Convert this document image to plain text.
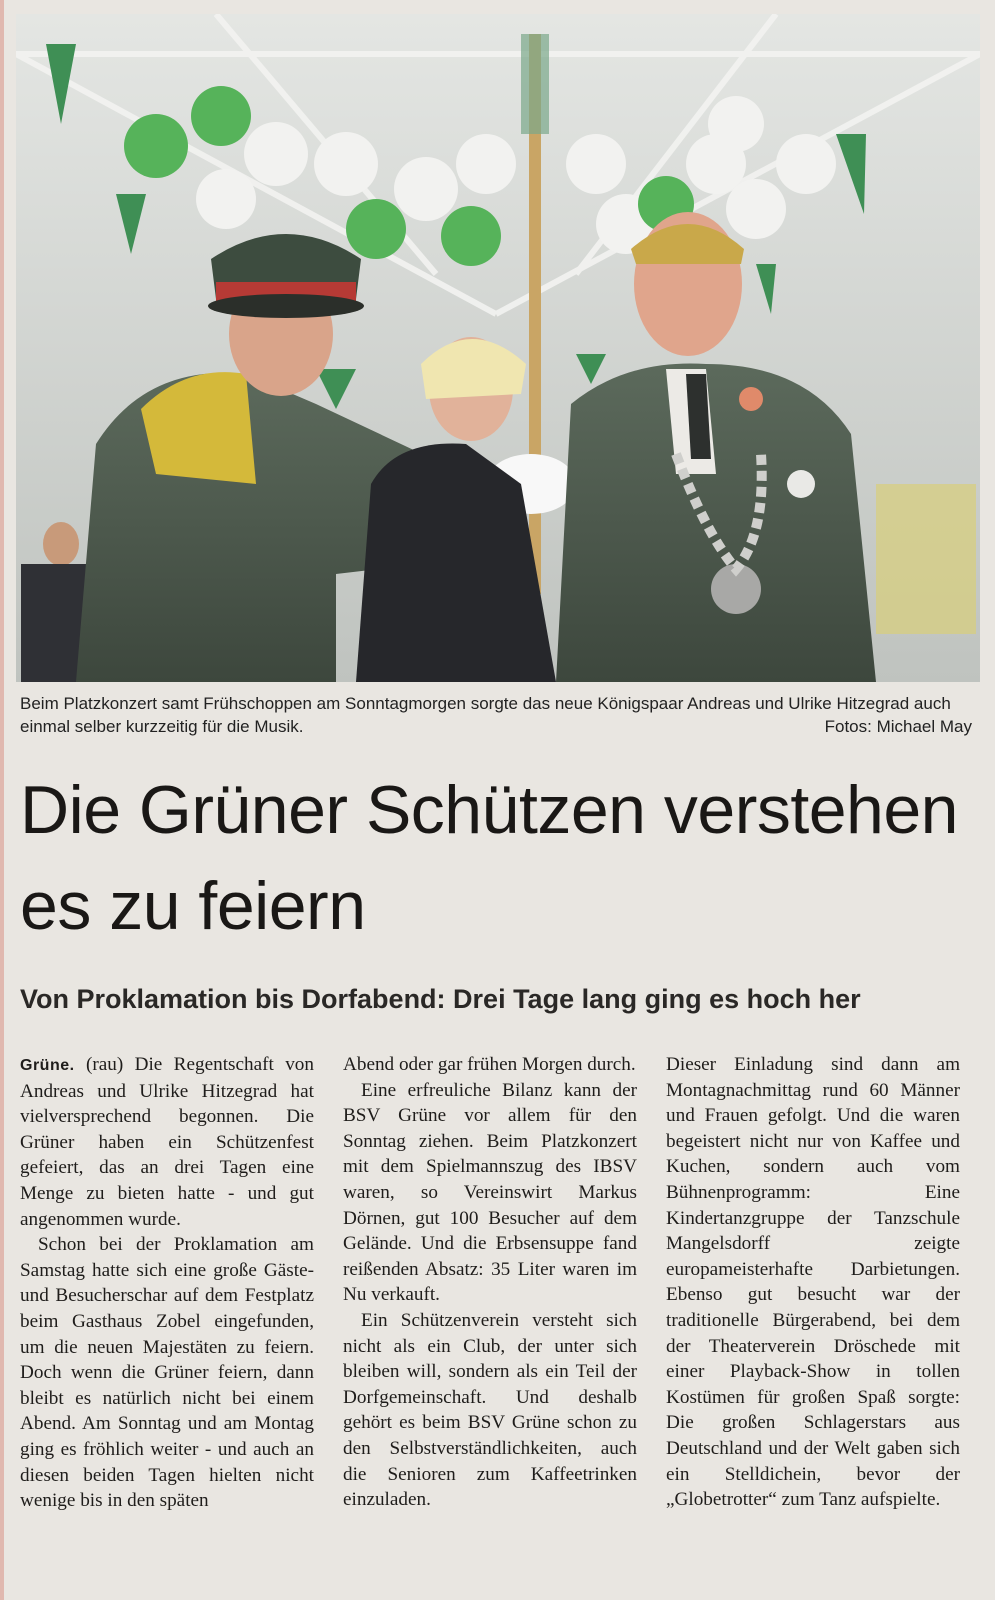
Beim Platzkonzert samt Frühschoppen am Sonntagmorgen sorgte das neue Königspaar Andreas und Ulrike Hitzegrad auch einmal selber kurzzeitig für die Musik.	Fotos: Michael May
Die Grüner Schützen verstehen es zu feiern
Von Proklamation bis Dorfabend: Drei Tage lang ging es hoch her

Grüne. (rau) Die Regentschaft von Andreas und Ulrike Hitzegrad hat vielversprechend begonnen. Die Grüner haben ein Schützenfest gefeiert, das an drei Tagen eine Menge zu bieten hatte - und gut angenommen wurde.

Schon bei der Proklamation am Samstag hatte sich eine große Gäste- und Besucherschar auf dem Festplatz beim Gasthaus Zobel eingefunden, um die neuen Majestäten zu feiern. Doch wenn die Grüner feiern, dann bleibt es natürlich nicht bei einem Abend. Am Sonntag und am Montag ging es fröhlich weiter - und auch an diesen beiden Tagen hielten nicht wenige bis in den späten

Abend oder gar frühen Morgen durch.

Eine erfreuliche Bilanz kann der BSV Grüne vor allem für den Sonntag ziehen. Beim Platzkonzert mit dem Spielmannszug des IBSV waren, so Vereinswirt Markus Dörnen, gut 100 Besucher auf dem Gelände. Und die Erbsensuppe fand reißenden Absatz: 35 Liter waren im Nu verkauft.

Ein Schützenverein versteht sich nicht als ein Club, der unter sich bleiben will, sondern als ein Teil der Dorfgemeinschaft. Und deshalb gehört es beim BSV Grüne schon zu den Selbstverständlichkeiten, auch die Senioren zum Kaffeetrinken einzuladen.

Dieser Einladung sind dann am Montagnachmittag rund 60 Männer und Frauen gefolgt. Und die waren begeistert nicht nur von Kaffee und Kuchen, sondern auch vom Bühnenprogramm: Eine Kindertanzgruppe der Tanzschule Mangelsdorff zeigte europameisterhafte Darbietungen. Ebenso gut besucht war der traditionelle Bürgerabend, bei dem der Theaterverein Dröschede mit einer Playback-Show in tollen Kostümen für großen Spaß sorgte: Die großen Schlagerstars aus Deutschland und der Welt gaben sich ein Stelldichein, bevor der „Globetrotter“ zum Tanz aufspielte.
